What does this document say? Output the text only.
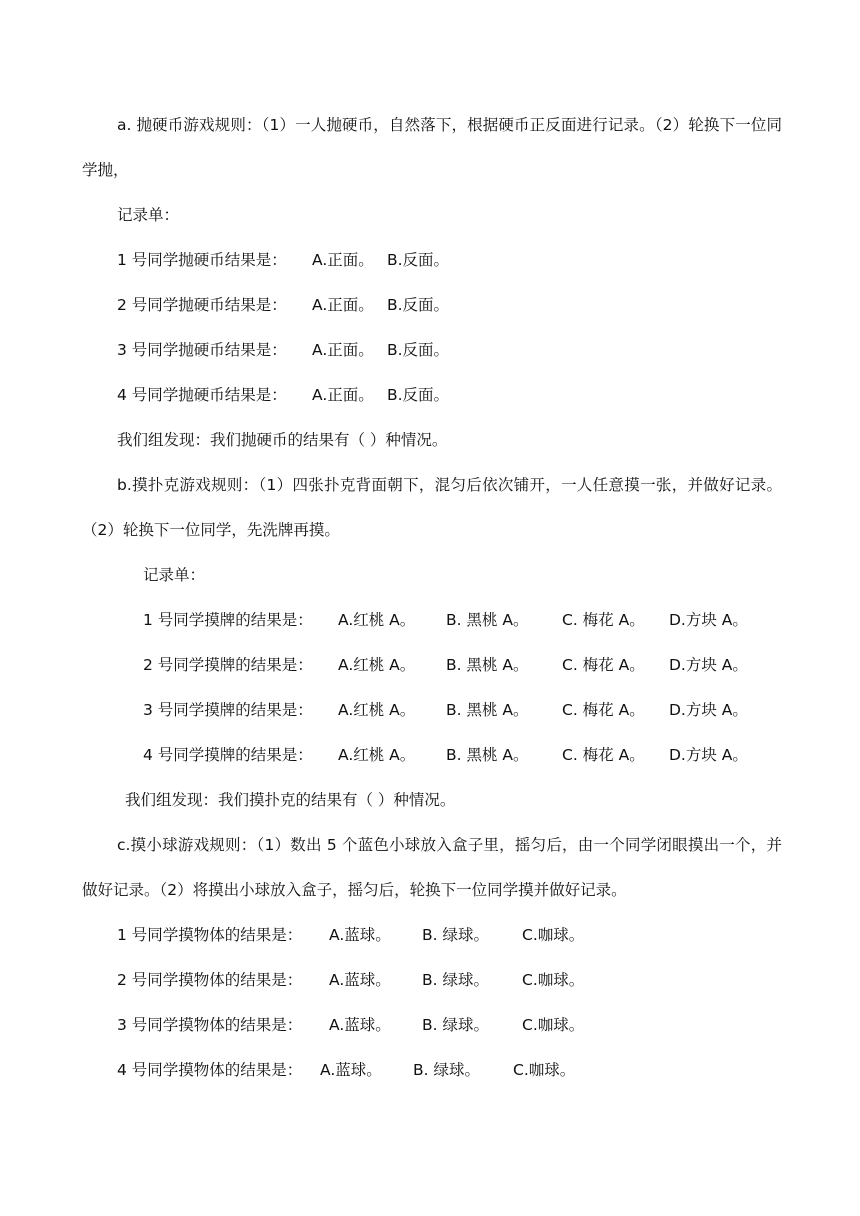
a. 抛硬币游戏规则：（1）一人抛硬币，自然落下，根据硬币正反面进行记录。（2）轮换下一位同学抛，
记录单：
1 号同学抛硬币结果是： A.正面。 B.反面。
2 号同学抛硬币结果是： A.正面。 B.反面。
3 号同学抛硬币结果是： A.正面。 B.反面。
4 号同学抛硬币结果是： A.正面。 B.反面。
我们组发现：我们抛硬币的结果有（ ）种情况。
b.摸扑克游戏规则：（1）四张扑克背面朝下，混匀后依次铺开，一人任意摸一张，并做好记录。（2）轮换下一位同学，先洗牌再摸。
记录单：
1 号同学摸牌的结果是： A.红桃 A。 B. 黑桃 A。 C. 梅花 A。 D.方块 A。
2 号同学摸牌的结果是： A.红桃 A。 B. 黑桃 A。 C. 梅花 A。 D.方块 A。
3 号同学摸牌的结果是： A.红桃 A。 B. 黑桃 A。 C. 梅花 A。 D.方块 A。
4 号同学摸牌的结果是： A.红桃 A。 B. 黑桃 A。 C. 梅花 A。 D.方块 A。
我们组发现：我们摸扑克的结果有（ ）种情况。
c.摸小球游戏规则：（1）数出 5 个蓝色小球放入盒子里，摇匀后，由一个同学闭眼摸出一个，并做好记录。（2）将摸出小球放入盒子，摇匀后，轮换下一位同学摸并做好记录。
1 号同学摸物体的结果是： A.蓝球。 B. 绿球。 C.咖球。
2 号同学摸物体的结果是： A.蓝球。 B. 绿球。 C.咖球。
3 号同学摸物体的结果是： A.蓝球。 B. 绿球。 C.咖球。
4 号同学摸物体的结果是： A.蓝球。 B. 绿球。 C.咖球。
